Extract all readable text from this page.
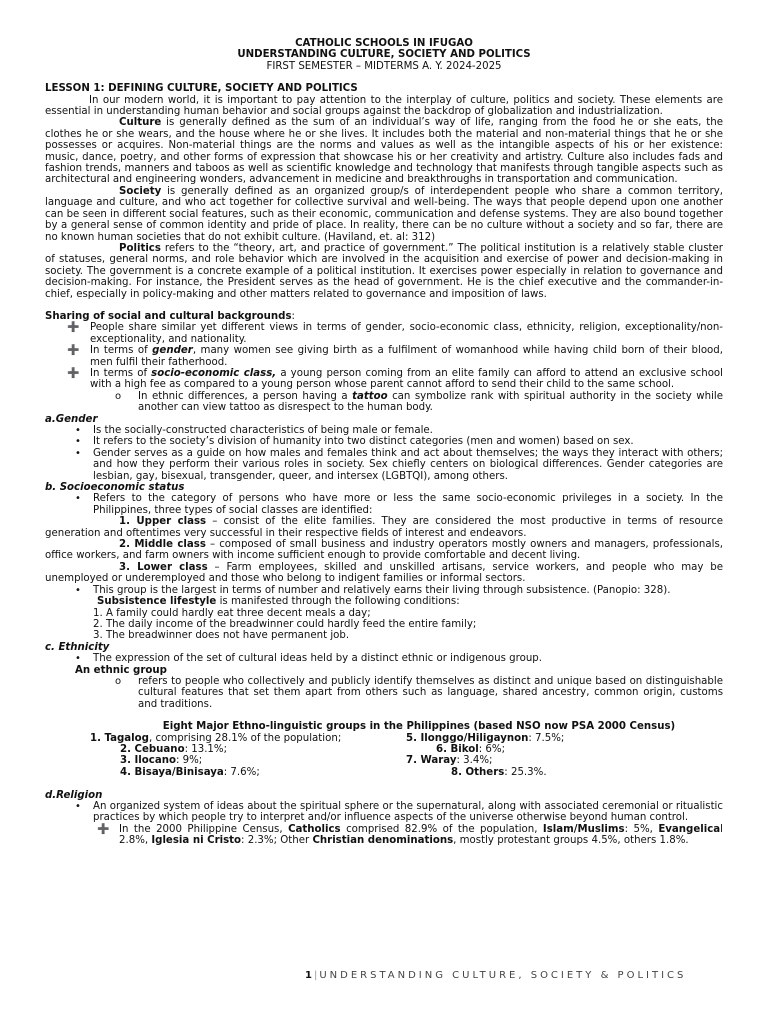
CATHOLIC SCHOOLS IN IFUGAO
UNDERSTANDING CULTURE, SOCIETY AND POLITICS
FIRST SEMESTER – MIDTERMS A. Y. 2024-2025
LESSON 1: DEFINING CULTURE, SOCIETY AND POLITICS

In our modern world, it is important to pay attention to the interplay of culture, politics and society. These elements are essential in understanding human behavior and social groups against the backdrop of globalization and industrialization.

Culture is generally defined as the sum of an individual’s way of life, ranging from the food he or she eats, the clothes he or she wears, and the house where he or she lives. It includes both the material and non-material things that he or she possesses or acquires. Non-material things are the norms and values as well as the intangible aspects of his or her existence: music, dance, poetry, and other forms of expression that showcase his or her creativity and artistry. Culture also includes fads and fashion trends, manners and taboos as well as scientific knowledge and technology that manifests through tangible aspects such as architectural and engineering wonders, advancement in medicine and breakthroughs in transportation and communication.

Society is generally defined as an organized group/s of interdependent people who share a common territory, language and culture, and who act together for collective survival and well-being. The ways that people depend upon one another can be seen in different social features, such as their economic, communication and defense systems. They are also bound together by a general sense of common identity and pride of place. In reality, there can be no culture without a society and so far, there are no known human societies that do not exhibit culture. (Haviland, et. al: 312)

Politics refers to the “theory, art, and practice of government.” The political institution is a relatively stable cluster of statuses, general norms, and role behavior which are involved in the acquisition and exercise of power and decision-making in society. The government is a concrete example of a political institution. It exercises power especially in relation to governance and decision-making. For instance, the President serves as the head of government. He is the chief executive and the commander-in-chief, especially in policy-making and other matters related to governance and imposition of laws.

Sharing of social and cultural backgrounds:
➕ People share similar yet different views in terms of gender, socio-economic class, ethnicity, religion, exceptionality/non-exceptionality, and nationality.
➕ In terms of gender, many women see giving birth as a fulfilment of womanhood while having child born of their blood, men fulfil their fatherhood.
➕ In terms of socio-economic class, a young person coming from an elite family can afford to attend an exclusive school with a high fee as compared to a young person whose parent cannot afford to send their child to the same school.
o In ethnic differences, a person having a tattoo can symbolize rank with spiritual authority in the society while another can view tattoo as disrespect to the human body.
a.Gender
• Is the socially-constructed characteristics of being male or female.
• It refers to the society’s division of humanity into two distinct categories (men and women) based on sex.
• Gender serves as a guide on how males and females think and act about themselves; the ways they interact with others; and how they perform their various roles in society. Sex chiefly centers on biological differences. Gender categories are lesbian, gay, bisexual, transgender, queer, and intersex (LGBTQI), among others.
b. Socioeconomic status
• Refers to the category of persons who have more or less the same socio-economic privileges in a society. In the Philippines, three types of social classes are identified:

1. Upper class – consist of the elite families. They are considered the most productive in terms of resource generation and oftentimes very successful in their respective fields of interest and endeavors.

2. Middle class – composed of small business and industry operators mostly owners and managers, professionals, office workers, and farm owners with income sufficient enough to provide comfortable and decent living.

3. Lower class – Farm employees, skilled and unskilled artisans, service workers, and people who may be unemployed or underemployed and those who belong to indigent families or informal sectors.

• This group is the largest in terms of number and relatively earns their living through subsistence. (Panopio: 328).
Subsistence lifestyle is manifested through the following conditions:
1. A family could hardly eat three decent meals a day;
2. The daily income of the breadwinner could hardly feed the entire family;
3. The breadwinner does not have permanent job.
c. Ethnicity
• The expression of the set of cultural ideas held by a distinct ethnic or indigenous group.
An ethnic group
o refers to people who collectively and publicly identify themselves as distinct and unique based on distinguishable cultural features that set them apart from others such as language, shared ancestry, common origin, customs and traditions.
Eight Major Ethno-linguistic groups in the Philippines (based NSO now PSA 2000 Census)
1. Tagalog, comprising 28.1% of the population;
2. Cebuano: 13.1%;
3. Ilocano: 9%;
4. Bisaya/Binisaya: 7.6%;
5. Ilonggo/Hiligaynon: 7.5%;
6. Bikol: 6%;
7. Waray: 3.4%;
8. Others: 25.3%.
d.Religion
• An organized system of ideas about the spiritual sphere or the supernatural, along with associated ceremonial or ritualistic practices by which people try to interpret and/or influence aspects of the universe otherwise beyond human control.
➕ In the 2000 Philippine Census, Catholics comprised 82.9% of the population, Islam/Muslims: 5%, Evangelical 2.8%, Iglesia ni Cristo: 2.3%; Other Christian denominations, mostly protestant groups 4.5%, others 1.8%.
1 | UNDERSTANDING CULTURE, SOCIETY & POLITICS
